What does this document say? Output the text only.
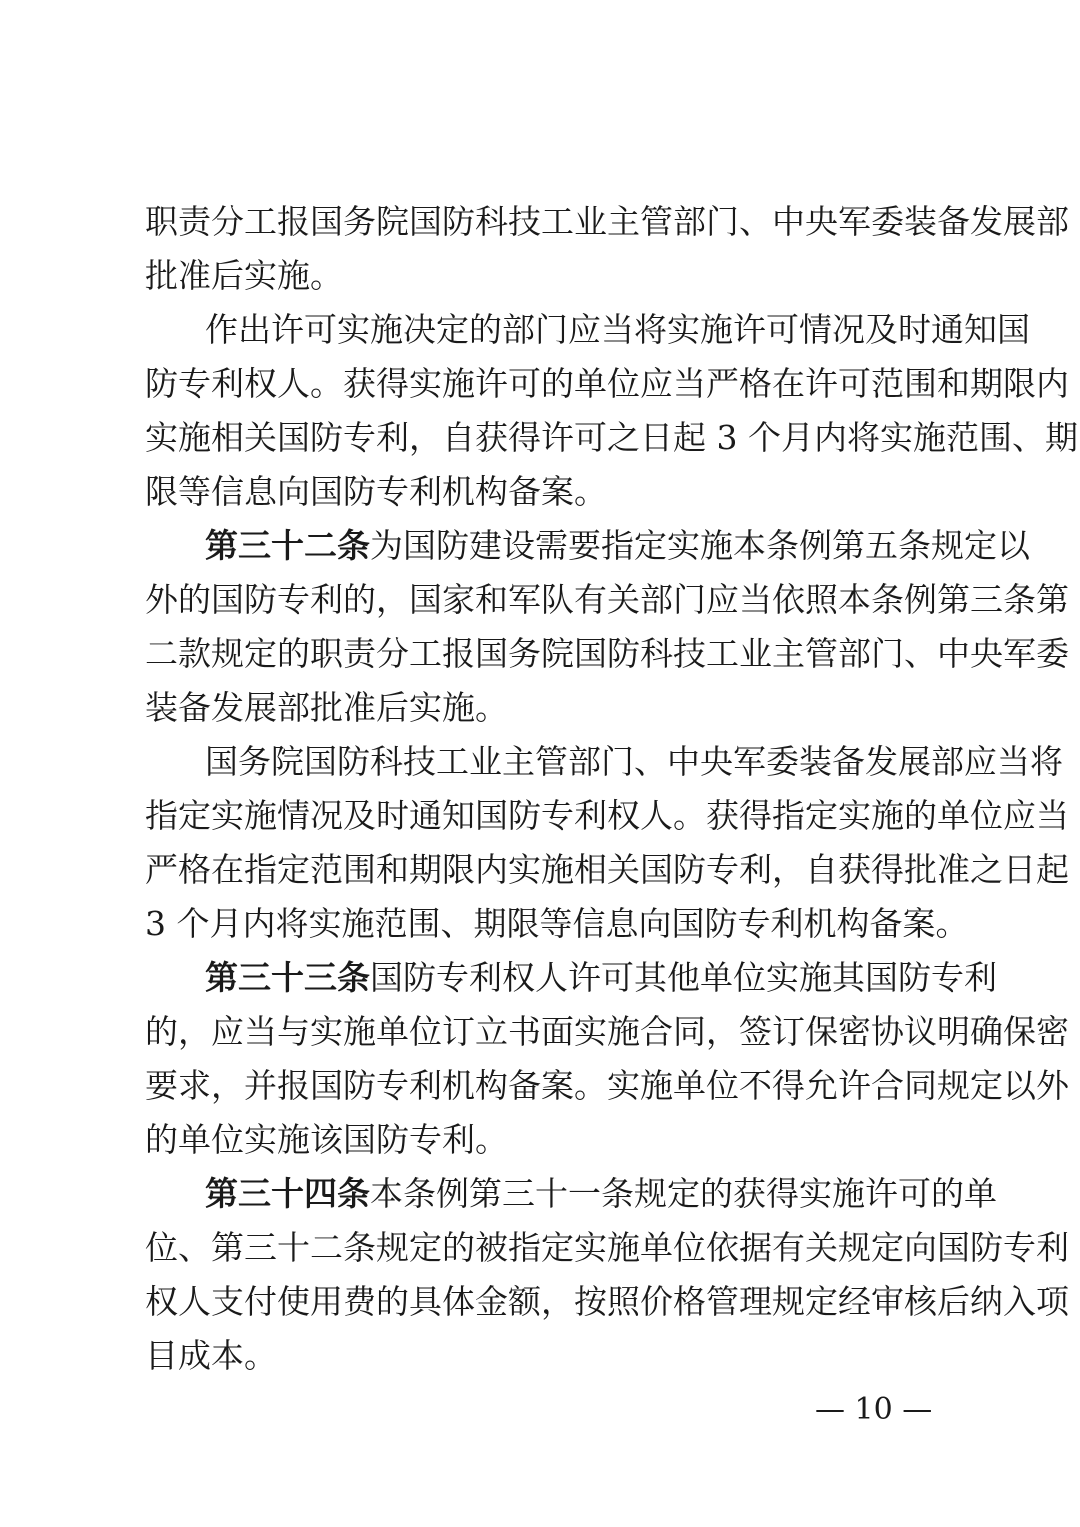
职责分工报国务院国防科技工业主管部门、中央军委装备发展部
批准后实施。
作出许可实施决定的部门应当将实施许可情况及时通知国
防专利权人。获得实施许可的单位应当严格在许可范围和期限内
实施相关国防专利，自获得许可之日起 3 个月内将实施范围、期
限等信息向国防专利机构备案。
第三十二条为国防建设需要指定实施本条例第五条规定以
外的国防专利的，国家和军队有关部门应当依照本条例第三条第
二款规定的职责分工报国务院国防科技工业主管部门、中央军委
装备发展部批准后实施。
国务院国防科技工业主管部门、中央军委装备发展部应当将
指定实施情况及时通知国防专利权人。获得指定实施的单位应当
严格在指定范围和期限内实施相关国防专利，自获得批准之日起
3 个月内将实施范围、期限等信息向国防专利机构备案。
第三十三条国防专利权人许可其他单位实施其国防专利
的，应当与实施单位订立书面实施合同，签订保密协议明确保密
要求，并报国防专利机构备案。实施单位不得允许合同规定以外
的单位实施该国防专利。
第三十四条本条例第三十一条规定的获得实施许可的单
位、第三十二条规定的被指定实施单位依据有关规定向国防专利
权人支付使用费的具体金额，按照价格管理规定经审核后纳入项
目成本。
— 10 —
